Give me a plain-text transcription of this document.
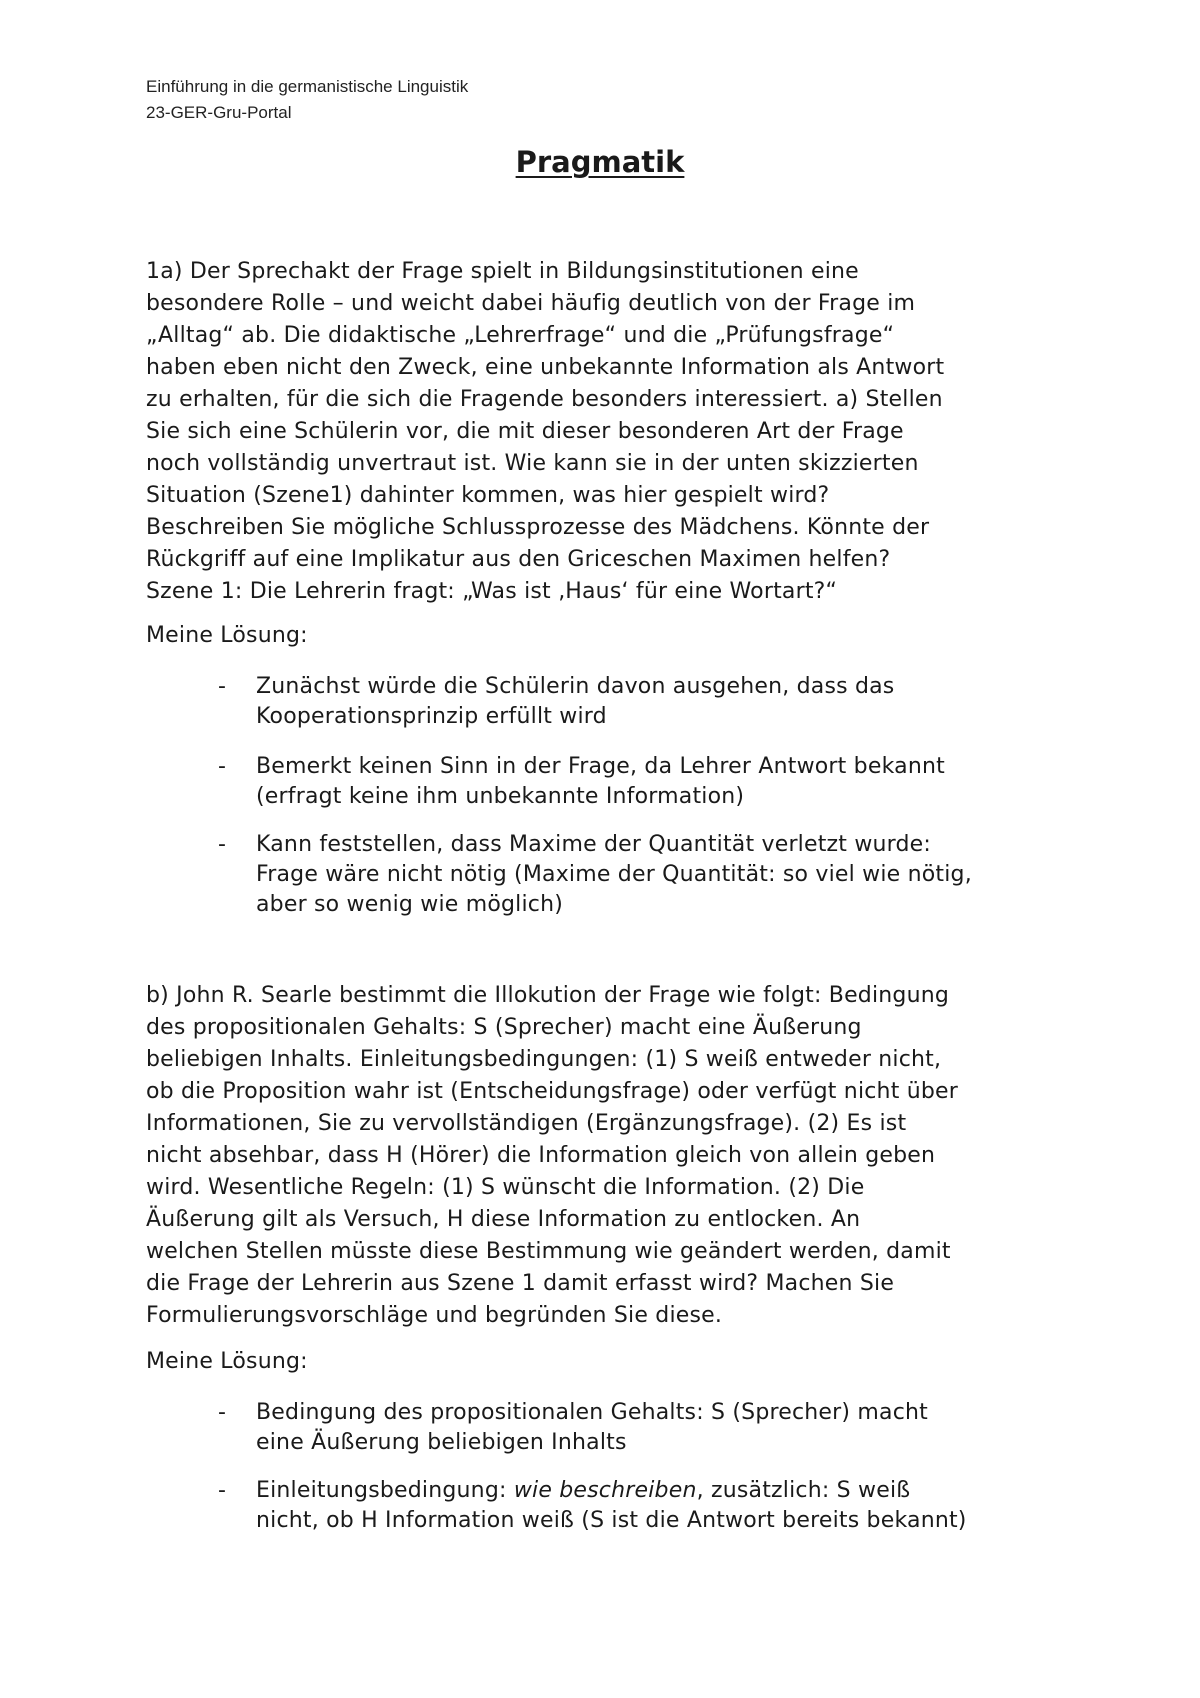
Einführung in die germanistische Linguistik
23-GER-Gru-Portal
Pragmatik

1a) Der Sprechakt der Frage spielt in Bildungsinstitutionen eine
besondere Rolle – und weicht dabei häufig deutlich von der Frage im
„Alltag“ ab. Die didaktische „Lehrerfrage“ und die „Prüfungsfrage“
haben eben nicht den Zweck, eine unbekannte Information als Antwort
zu erhalten, für die sich die Fragende besonders interessiert. a) Stellen
Sie sich eine Schülerin vor, die mit dieser besonderen Art der Frage
noch vollständig unvertraut ist. Wie kann sie in der unten skizzierten
Situation (Szene1) dahinter kommen, was hier gespielt wird?
Beschreiben Sie mögliche Schlussprozesse des Mädchens. Könnte der
Rückgriff auf eine Implikatur aus den Griceschen Maximen helfen?
Szene 1: Die Lehrerin fragt: „Was ist ‚Haus‘ für eine Wortart?“

Meine Lösung:

- Zunächst würde die Schülerin davon ausgehen, dass das
Kooperationsprinzip erfüllt wird
- Bemerkt keinen Sinn in der Frage, da Lehrer Antwort bekannt
(erfragt keine ihm unbekannte Information)
- Kann feststellen, dass Maxime der Quantität verletzt wurde:
Frage wäre nicht nötig (Maxime der Quantität: so viel wie nötig,
aber so wenig wie möglich)

b) John R. Searle bestimmt die Illokution der Frage wie folgt: Bedingung
des propositionalen Gehalts: S (Sprecher) macht eine Äußerung
beliebigen Inhalts. Einleitungsbedingungen: (1) S weiß entweder nicht,
ob die Proposition wahr ist (Entscheidungsfrage) oder verfügt nicht über
Informationen, Sie zu vervollständigen (Ergänzungsfrage). (2) Es ist
nicht absehbar, dass H (Hörer) die Information gleich von allein geben
wird. Wesentliche Regeln: (1) S wünscht die Information. (2) Die
Äußerung gilt als Versuch, H diese Information zu entlocken. An
welchen Stellen müsste diese Bestimmung wie geändert werden, damit
die Frage der Lehrerin aus Szene 1 damit erfasst wird? Machen Sie
Formulierungsvorschläge und begründen Sie diese.

Meine Lösung:

- Bedingung des propositionalen Gehalts: S (Sprecher) macht
eine Äußerung beliebigen Inhalts
- Einleitungsbedingung: wie beschreiben, zusätzlich: S weiß
nicht, ob H Information weiß (S ist die Antwort bereits bekannt)
